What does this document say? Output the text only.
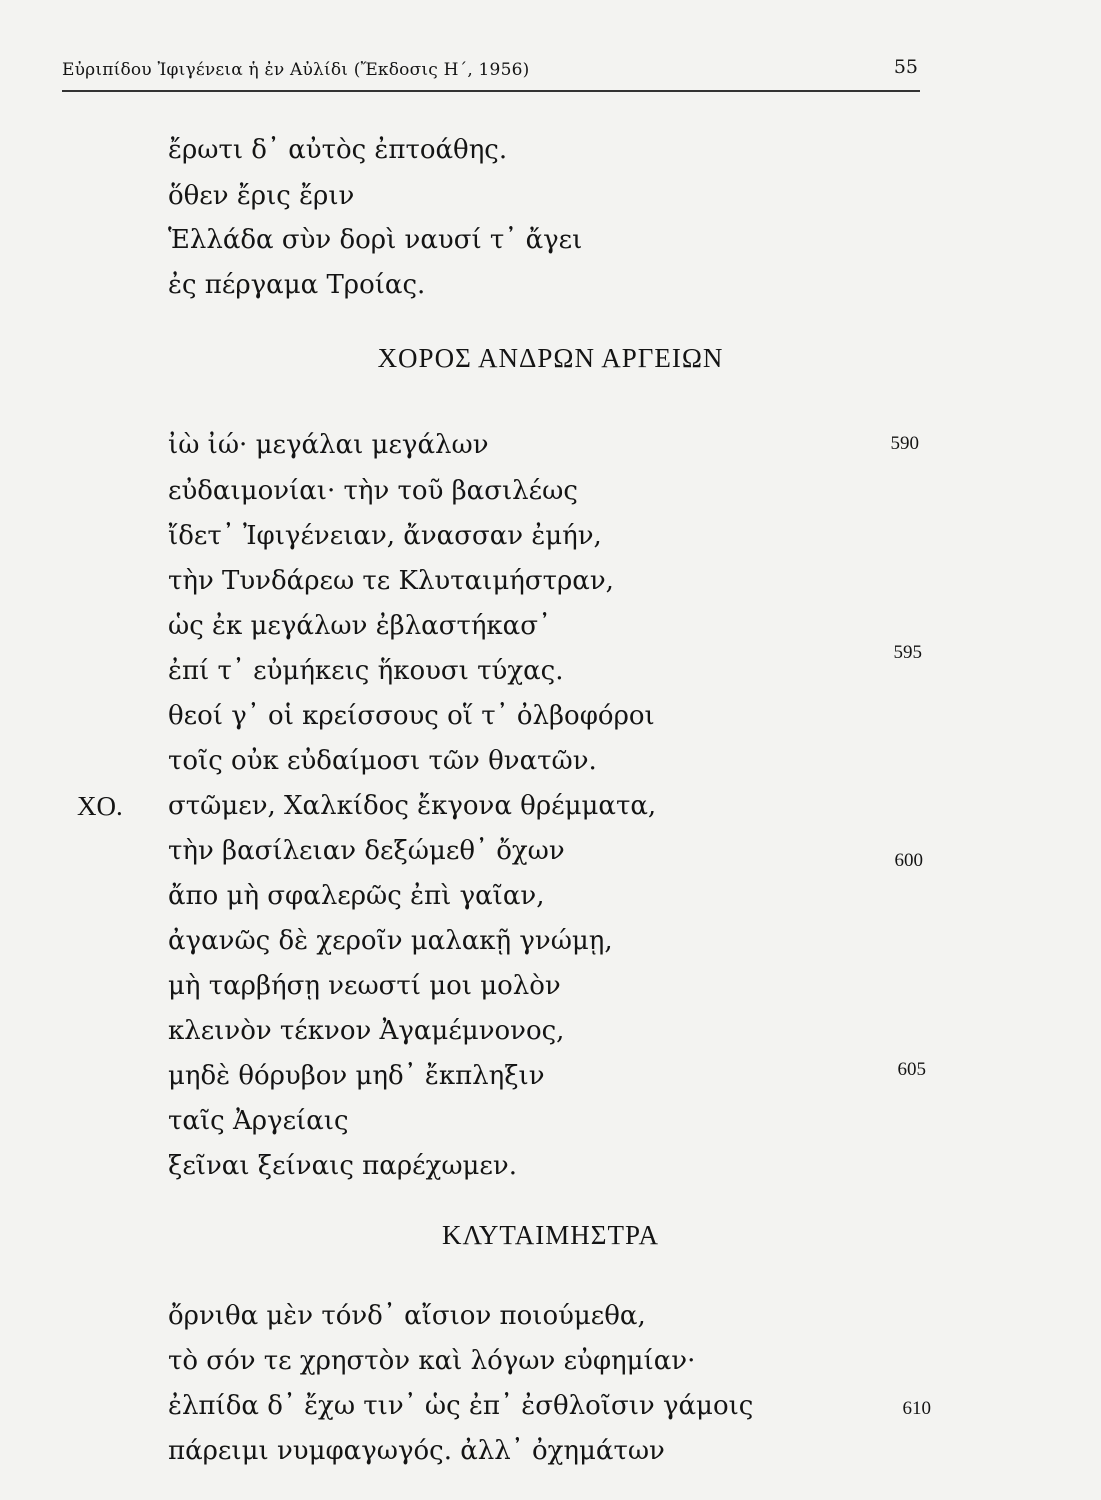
Εὐριπίδου Ἰφιγένεια ἡ ἐν Αὐλίδι (Ἔκδοσις Η΄, 1956)	55
ἔρωτι δ᾿ αὐτὸς ἐπτοάθης.
ὅθεν ἔρις ἔριν
Ἑλλάδα σὺν δορὶ ναυσί τ᾿ ἄγει
ἐς πέργαμα Τροίας.
ΧΟΡΟΣ ΑΝΔΡΩΝ ΑΡΓΕΙΩΝ
ἰὼ ἰώ· μεγάλαι μεγάλων
εὐδαιμονίαι· τὴν τοῦ βασιλέως
ἴδετ᾿ Ἰφιγένειαν, ἄνασσαν ἐμήν,
τὴν Τυνδάρεω τε Κλυταιμήστραν,
ὡς ἐκ μεγάλων ἐβλαστήκασ᾿
ἐπί τ᾿ εὐμήκεις ἥκουσι τύχας.
θεοί γ᾿ οἱ κρείσσους οἵ τ᾿ ὀλβοφόροι
τοῖς οὐκ εὐδαίμοσι τῶν θνατῶν.
590
595
ΧΟ. στῶμεν, Χαλκίδος ἔκγονα θρέμματα,
τὴν βασίλειαν δεξώμεθ᾿ ὄχων
ἄπο μὴ σφαλερῶς ἐπὶ γαῖαν,
ἀγανῶς δὲ χεροῖν μαλακῇ γνώμῃ,
μὴ ταρβήσῃ νεωστί μοι μολὸν
κλεινὸν τέκνον Ἀγαμέμνονος,
μηδὲ θόρυβον μηδ᾿ ἔκπληξιν
ταῖς Ἀργείαις
ξεῖναι ξείναις παρέχωμεν.
600
605
ΚΛΥΤΑΙΜΗΣΤΡΑ
ὄρνιθα μὲν τόνδ᾿ αἴσιον ποιούμεθα,
τὸ σόν τε χρηστὸν καὶ λόγων εὐφημίαν·
ἐλπίδα δ᾿ ἔχω τιν᾿ ὡς ἐπ᾿ ἐσθλοῖσιν γάμοις
πάρειμι νυμφαγωγός. ἀλλ᾿ ὀχημάτων
610
